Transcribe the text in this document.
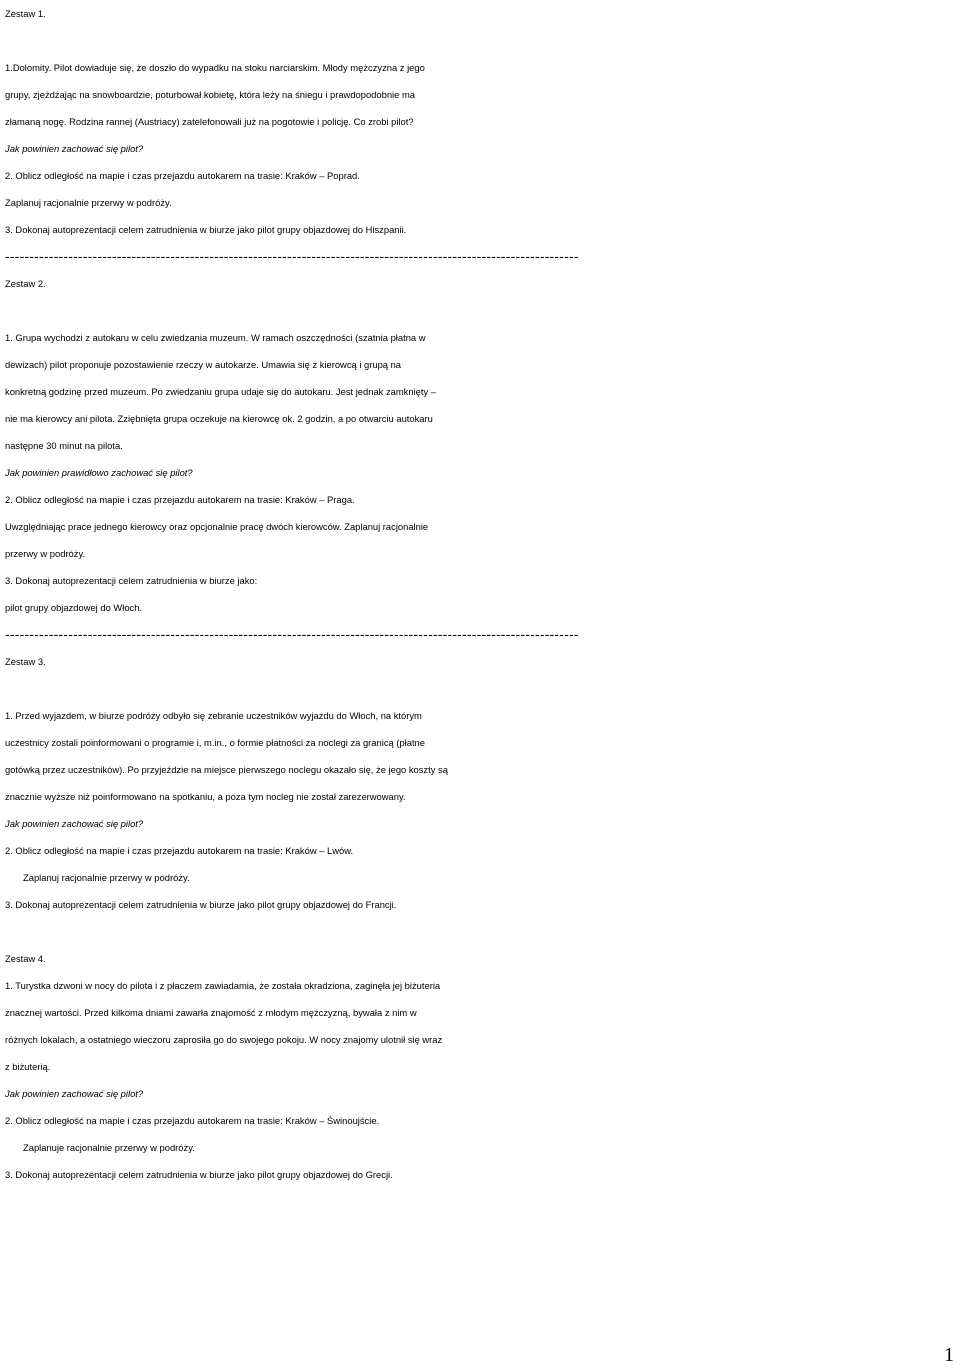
Zestaw 1.
1.Dolomity. Pilot dowiaduje się, że doszło do wypadku na stoku narciarskim. Młody mężczyzna z jego
grupy, zjeżdżając na snowboardzie, poturbował kobietę, która leży na śniegu i prawdopodobnie ma
złamaną nogę. Rodzina rannej (Austriacy) zatelefonowali już na pogotowie i policję. Co zrobi pilot?
Jak powinien zachować się pilot?
2. Oblicz odległość na mapie i czas przejazdu autokarem na trasie: Kraków – Poprad.
Zaplanuj racjonalnie przerwy w podróży.
3. Dokonaj autoprezentacji celem zatrudnienia w biurze jako pilot grupy objazdowej do Hiszpanii.
----------------------------------------------------------------------------------------------------------------------
Zestaw 2.
1. Grupa wychodzi z autokaru w celu zwiedzania muzeum. W ramach oszczędności (szatnia płatna w
dewizach) pilot proponuje pozostawienie rzeczy w autokarze. Umawia się z kierowcą i grupą na
konkretną godzinę przed muzeum. Po zwiedzaniu grupa udaje się do autokaru. Jest jednak zamknięty –
nie ma kierowcy ani pilota. Zziębnięta grupa oczekuje na kierowcę ok. 2 godzin, a po otwarciu autokaru
następne 30 minut na pilota.
Jak powinien prawidłowo zachować się pilot?
2. Oblicz odległość na mapie i czas przejazdu autokarem na trasie: Kraków – Praga.
Uwzględniając prace jednego kierowcy oraz opcjonalnie pracę dwóch kierowców. Zaplanuj racjonalnie
przerwy w podróży.
3. Dokonaj autoprezentacji celem zatrudnienia w biurze jako:
pilot grupy objazdowej do Włoch.
----------------------------------------------------------------------------------------------------------------------
Zestaw 3.
1. Przed wyjazdem, w biurze podróży odbyło się zebranie uczestników wyjazdu do Włoch, na którym
uczestnicy zostali poinformowani o programie i, m.in., o formie płatności za noclegi za granicą (płatne
gotówką przez uczestników). Po przyjeździe na miejsce pierwszego noclegu okazało się, że jego koszty są
znacznie wyższe niż poinformowano na spotkaniu, a poza tym nocleg nie został zarezerwowany.
Jak powinien zachować się pilot?
2. Oblicz odległość na mapie i czas przejazdu autokarem na trasie: Kraków – Lwów.
Zaplanuj racjonalnie przerwy w podróży.
3. Dokonaj autoprezentacji celem zatrudnienia w biurze jako pilot grupy objazdowej do Francji.
Zestaw 4.
1. Turystka dzwoni w nocy do pilota i z płaczem zawiadamia, że została okradziona, zaginęła jej biżuteria
znacznej wartości. Przed kilkoma dniami zawarła znajomość z młodym mężczyzną, bywała z nim w
różnych lokalach, a ostatniego wieczoru zaprosiła go do swojego pokoju. W nocy znajomy ulotnił się wraz
z biżuterią.
Jak powinien zachować się pilot?
2. Oblicz odległość na mapie i czas przejazdu autokarem na trasie: Kraków – Świnoujście.
Zaplanuje racjonalnie przerwy w podróży.
3. Dokonaj autoprezentacji celem zatrudnienia w biurze jako pilot grupy objazdowej do Grecji.
1
